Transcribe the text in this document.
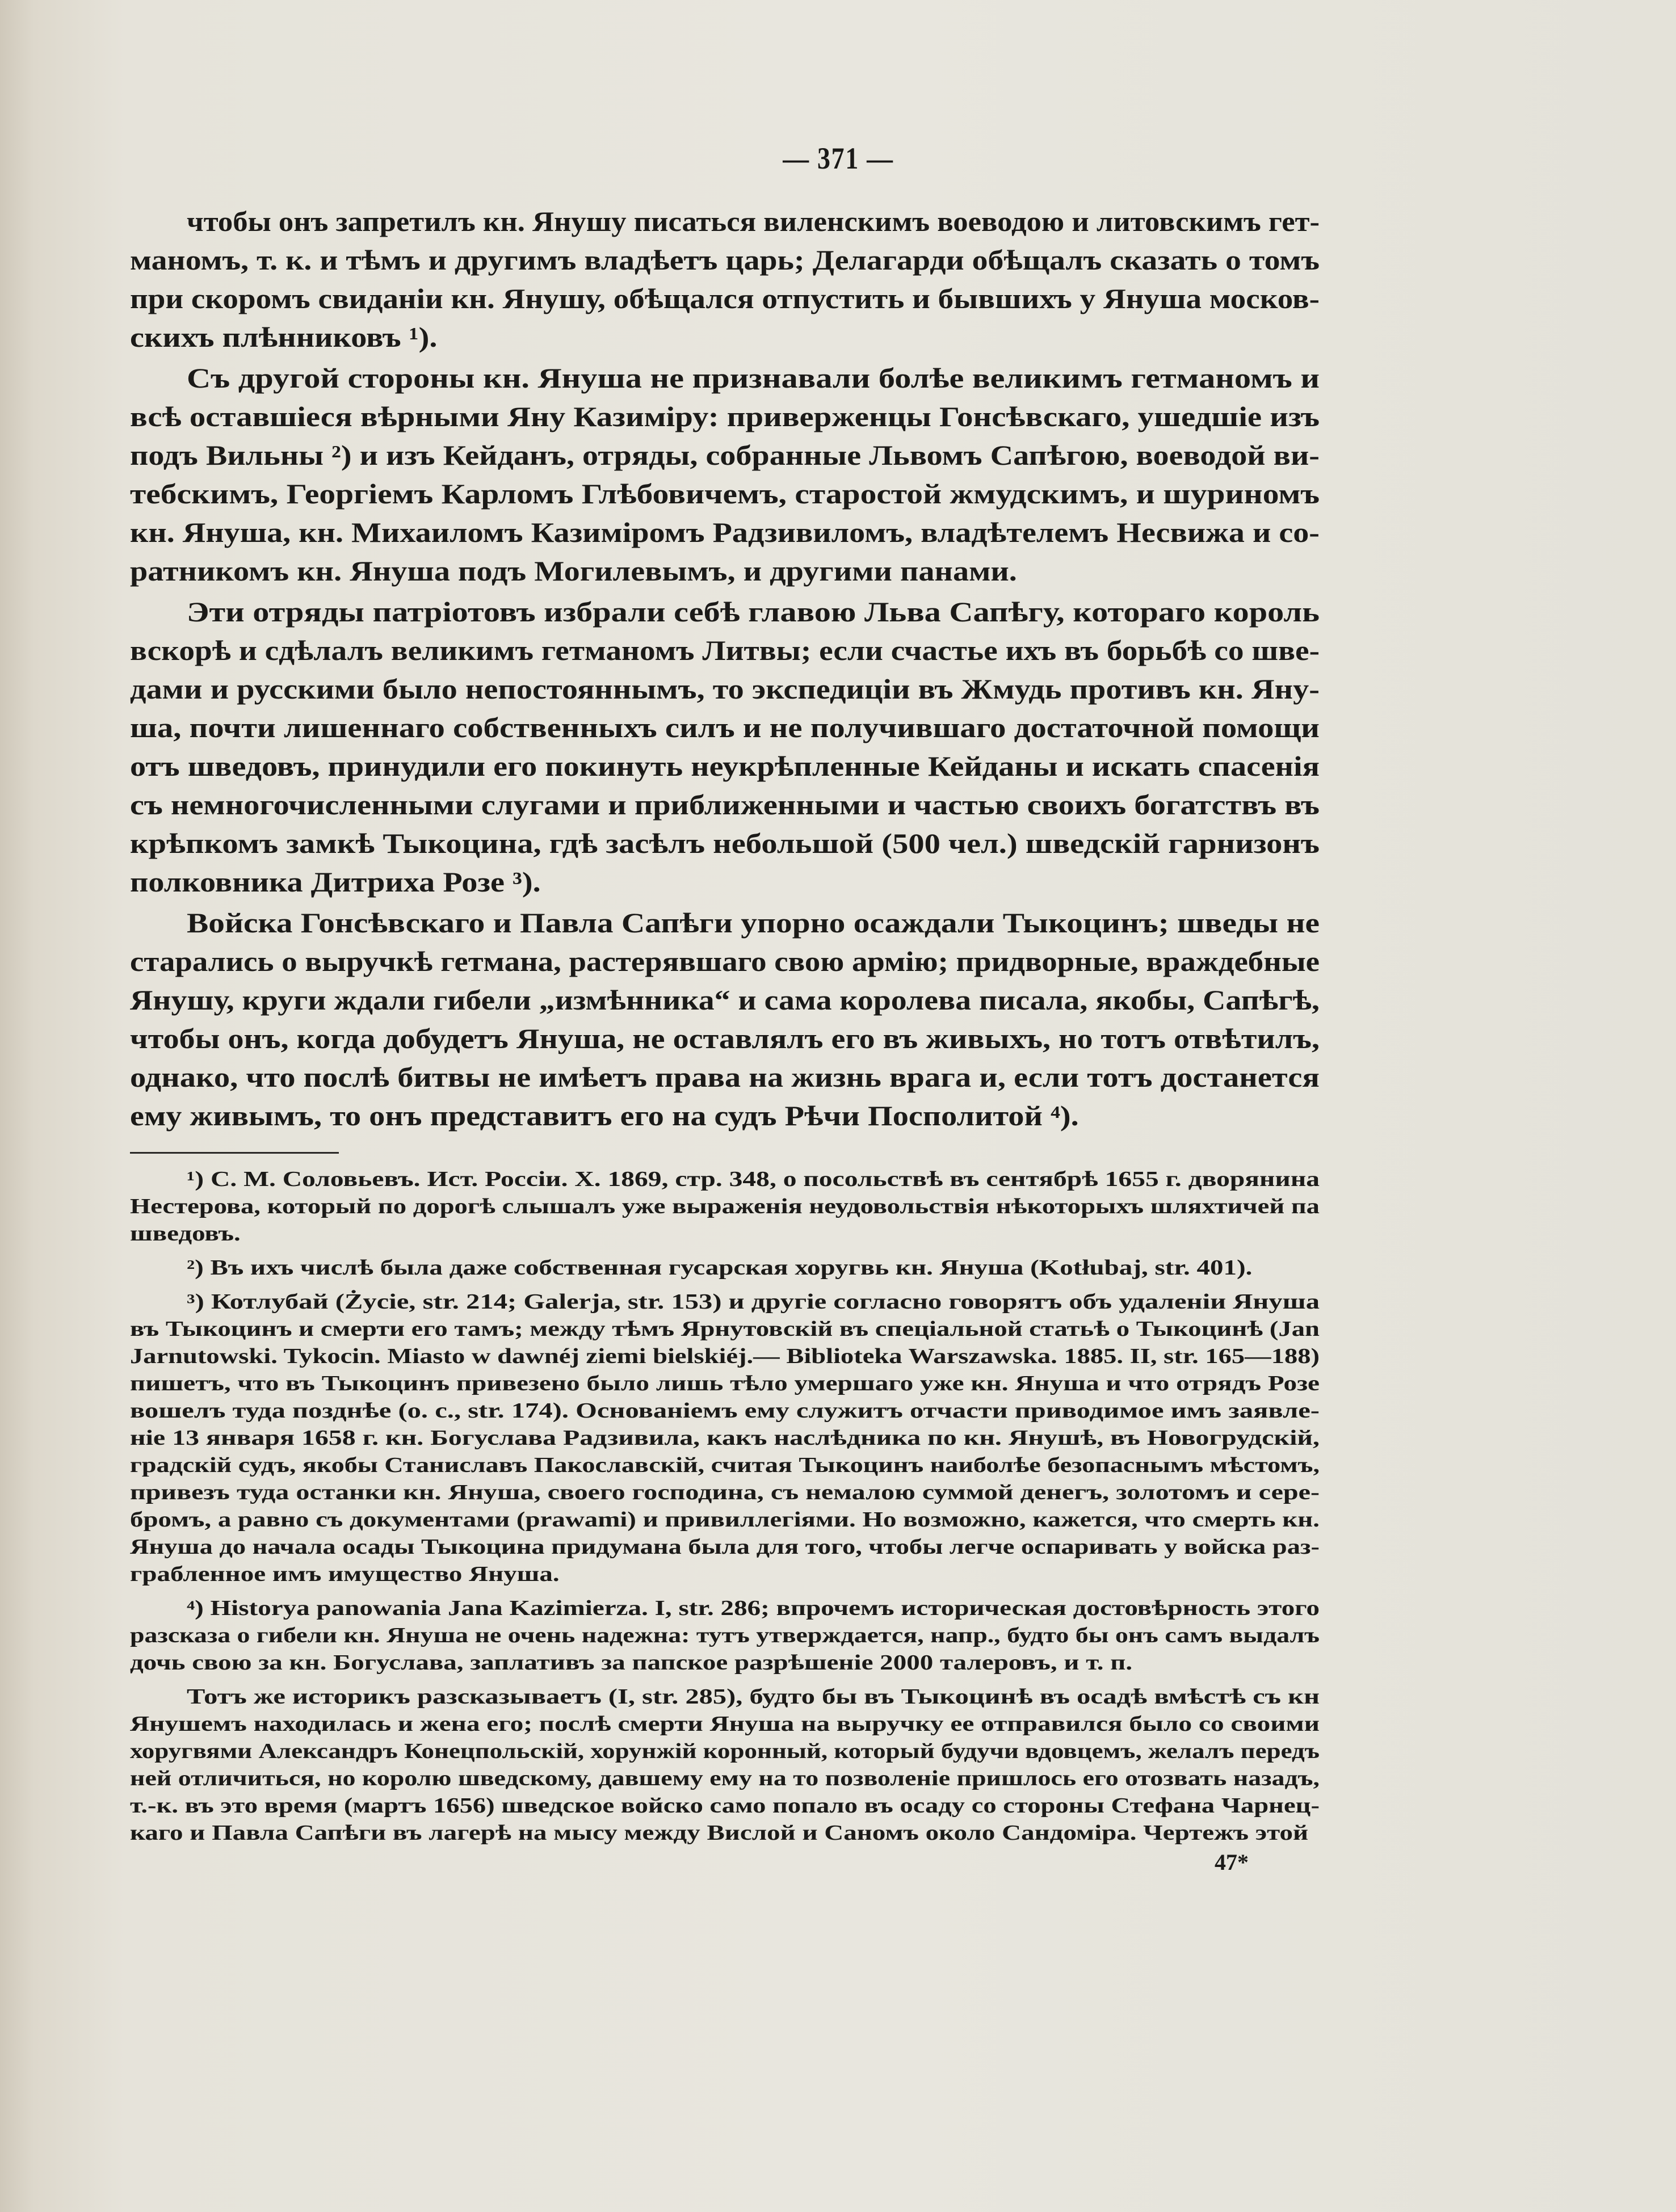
— 371 —
чтобы онъ запретилъ кн. Янушу писаться виленскимъ воеводою и литовскимъ гет-
маномъ, т. к. и тѣмъ и другимъ владѣетъ царь; Делагарди обѣщалъ сказать о томъ
при скоромъ свиданiи кн. Янушу, обѣщался отпустить и бывшихъ у Януша москов-
скихъ плѣнниковъ ¹).
Съ другой стороны кн. Януша не признавали болѣе великимъ гетманомъ и
всѣ оставшiеся вѣрными Яну Казимiру: приверженцы Гонсѣвскаго, ушедшiе изъ
подъ Вильны ²) и изъ Кейданъ, отряды, собранные Львомъ Сапѣгою, воеводой ви-
тебскимъ, Георгiемъ Карломъ Глѣбовичемъ, старостой жмудскимъ, и шуриномъ
кн. Януша, кн. Михаиломъ Казимiромъ Радзивиломъ, владѣтелемъ Несвижа и со-
ратникомъ кн. Януша подъ Могилевымъ, и другими панами.
Эти отряды патрiотовъ избрали себѣ главою Льва Сапѣгу, котораго король
вскорѣ и сдѣлалъ великимъ гетманомъ Литвы; если счастье ихъ въ борьбѣ со шве-
дами и русскими было непостояннымъ, то экспедицiи въ Жмудь противъ кн. Яну-
ша, почти лишеннаго собственныхъ силъ и не получившаго достаточной помощи
отъ шведовъ, принудили его покинуть неукрѣпленные Кейданы и искать спасенiя
съ немногочисленными слугами и приближенными и частью своихъ богатствъ въ
крѣпкомъ замкѣ Тыкоцина, гдѣ засѣлъ небольшой (500 чел.) шведскiй гарнизонъ
полковника Дитриха Розе ³).
Войска Гонсѣвскаго и Павла Сапѣги упорно осаждали Тыкоцинъ; шведы не
старались о выручкѣ гетмана, растерявшаго свою армiю; придворные, враждебные
Янушу, круги ждали гибели „измѣнника“ и сама королева писала, якобы, Сапѣгѣ,
чтобы онъ, когда добудетъ Януша, не оставлялъ его въ живыхъ, но тотъ отвѣтилъ,
однако, что послѣ битвы не имѣетъ права на жизнь врага и, если тотъ достанется
ему живымъ, то онъ представитъ его на судъ Рѣчи Посполитой ⁴).
¹) С. М. Соловьевъ. Ист. Россiи. X. 1869, стр. 348, о посольствѣ въ сентябрѣ 1655 г. дворянина
Нестерова, который по дорогѣ слышалъ уже выраженiя неудовольствiя нѣкоторыхъ шляхтичей па
шведовъ.
²) Въ ихъ числѣ была даже собственная гусарская хоругвь кн. Януша (Kotłubaj, str. 401).
³) Котлубай (Życie, str. 214; Galerja, str. 153) и другiе согласно говорятъ объ удаленiи Януша
въ Тыкоцинъ и смерти его тамъ; между тѣмъ Ярнутовскiй въ спецiальной статьѣ о Тыкоцинѣ (Jan
Jarnutowski. Tykocin. Miasto w dawnéj ziemi bielskiéj.— Biblioteka Warszawska. 1885. II, str. 165—188)
пишетъ, что въ Тыкоцинъ привезено было лишь тѣло умершаго уже кн. Януша и что отрядъ Розе
вошелъ туда позднѣе (о. с., str. 174). Основанiемъ ему служитъ отчасти приводимое имъ заявле-
нiе 13 января 1658 г. кн. Богуслава Радзивила, какъ наслѣдника по кн. Янушѣ, въ Новогрудскiй,
градскiй судъ, якобы Станиславъ Пакославскiй, считая Тыкоцинъ наиболѣе безопаснымъ мѣстомъ,
привезъ туда останки кн. Януша, своего господина, съ немалою суммой денегъ, золотомъ и сере-
бромъ, а равно съ документами (prawami) и привиллегiями. Но возможно, кажется, что смерть кн.
Януша до начала осады Тыкоцина придумана была для того, чтобы легче оспаривать у войска раз-
грабленное имъ имущество Януша.
⁴) Historya panowania Jana Kazimierza. I, str. 286; впрочемъ историческая достовѣрность этого
разсказа о гибели кн. Януша не очень надежна: тутъ утверждается, напр., будто бы онъ самъ выдалъ
дочь свою за кн. Богуслава, заплативъ за папское разрѣшенiе 2000 талеровъ, и т. п.
Тотъ же историкъ разсказываетъ (I, str. 285), будто бы въ Тыкоцинѣ въ осадѣ вмѣстѣ съ кн
Янушемъ находилась и жена его; послѣ смерти Януша на выручку ее отправился было со своими
хоругвями Александръ Конецпольскiй, хорунжiй коронный, который будучи вдовцемъ, желалъ передъ
ней отличиться, но королю шведскому, давшему ему на то позволенiе пришлось его отозвать назадъ,
т.-к. въ это время (мартъ 1656) шведское войско само попало въ осаду со стороны Стефана Чарнец-
каго и Павла Сапѣги въ лагерѣ на мысу между Вислой и Саномъ около Сандомiра. Чертежъ этой
47*
